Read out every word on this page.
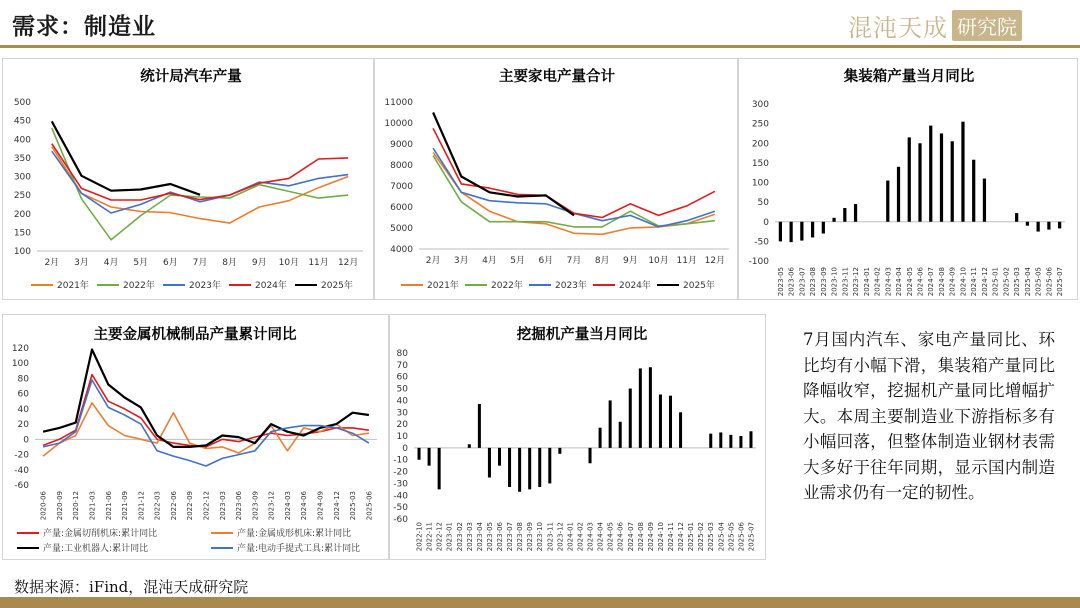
需求：制造业	混沌天成 研究院
统计局汽车产量
100
150
200
250
300
350
400
450
500
2月 3月 4月 5月 6月 7月 8月 9月 10月 11月 12月
2021年	2022年	2023年	2024年	2025年
主要家电产量合计
4000
5000
6000
7000
8000
9000
10000
11000
2月 3月 4月 5月 6月 7月 8月 9月 10月 11月 12月
2021年	2022年	2023年	2024年	2025年
集装箱产量当月同比
-100
-50
0
50
100
150
200
250
300
2023-05 2023-06 2023-07 2023-08 2023-09 2023-10 2023-11 2023-12 2024-01 2024-02 2024-03 2024-04 2024-05 2024-06 2024-07 2024-08 2024-09 2024-10 2024-11 2024-12 2025-01 2025-02 2025-03 2025-04 2025-05 2025-06 2025-07
主要金属机械制品产量累计同比
-60
-40
-20
0
20
40
60
80
100
120
2020-06 2020-09 2020-12 2021-03 2021-06 2021-09 2021-12 2022-03 2022-06 2022-09 2022-12 2023-03 2023-06 2023-09 2023-12 2024-03 2024-06 2024-09 2024-12 2025-03 2025-06
产量:金属切削机床:累计同比	产量:金属成形机床:累计同比
产量:工业机器人:累计同比	产量:电动手提式工具:累计同比
挖掘机产量当月同比
-60
-50
-40
-30
-20
-10
0
10
20
30
40
50
60
70
80
2022-10 2022-11 2022-12 2023-01 2023-02 2023-03 2023-04 2023-05 2023-06 2023-07 2023-08 2023-09 2023-10 2023-11 2023-12 2024-01 2024-02 2024-03 2024-04 2024-05 2024-06 2024-07 2024-08 2024-09 2024-10 2024-11 2024-12 2025-01 2025-02 2025-03 2025-04 2025-05 2025-06 2025-07
7月国内汽车、家电产量同比、环比均有小幅下滑，集装箱产量同比降幅收窄，挖掘机产量同比增幅扩大。本周主要制造业下游指标多有小幅回落，但整体制造业钢材表需大多好于往年同期，显示国内制造业需求仍有一定的韧性。
数据来源：iFind，混沌天成研究院
